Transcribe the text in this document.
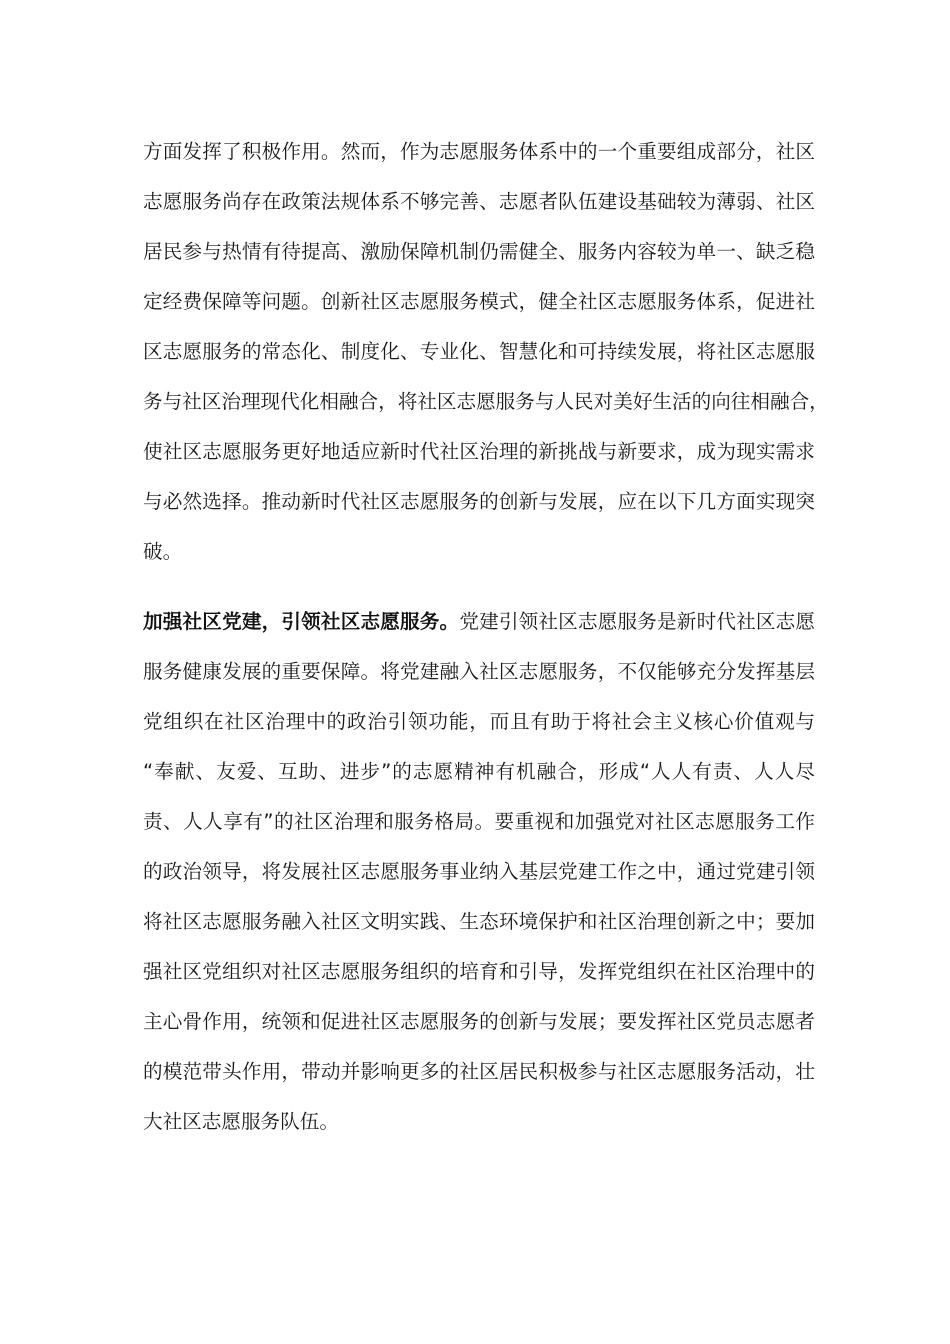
方面发挥了积极作用。然而，作为志愿服务体系中的一个重要组成部分，社区
志愿服务尚存在政策法规体系不够完善、志愿者队伍建设基础较为薄弱、社区
居民参与热情有待提高、激励保障机制仍需健全、服务内容较为单一、缺乏稳
定经费保障等问题。创新社区志愿服务模式，健全社区志愿服务体系，促进社
区志愿服务的常态化、制度化、专业化、智慧化和可持续发展，将社区志愿服
务与社区治理现代化相融合，将社区志愿服务与人民对美好生活的向往相融合，
使社区志愿服务更好地适应新时代社区治理的新挑战与新要求，成为现实需求
与必然选择。推动新时代社区志愿服务的创新与发展，应在以下几方面实现突
破。
加强社区党建，引领社区志愿服务。党建引领社区志愿服务是新时代社区志愿
服务健康发展的重要保障。将党建融入社区志愿服务，不仅能够充分发挥基层
党组织在社区治理中的政治引领功能，而且有助于将社会主义核心价值观与
“奉献、友爱、互助、进步”的志愿精神有机融合，形成“人人有责、人人尽
责、人人享有”的社区治理和服务格局。要重视和加强党对社区志愿服务工作
的政治领导，将发展社区志愿服务事业纳入基层党建工作之中，通过党建引领
将社区志愿服务融入社区文明实践、生态环境保护和社区治理创新之中；要加
强社区党组织对社区志愿服务组织的培育和引导，发挥党组织在社区治理中的
主心骨作用，统领和促进社区志愿服务的创新与发展；要发挥社区党员志愿者
的模范带头作用，带动并影响更多的社区居民积极参与社区志愿服务活动，壮
大社区志愿服务队伍。
